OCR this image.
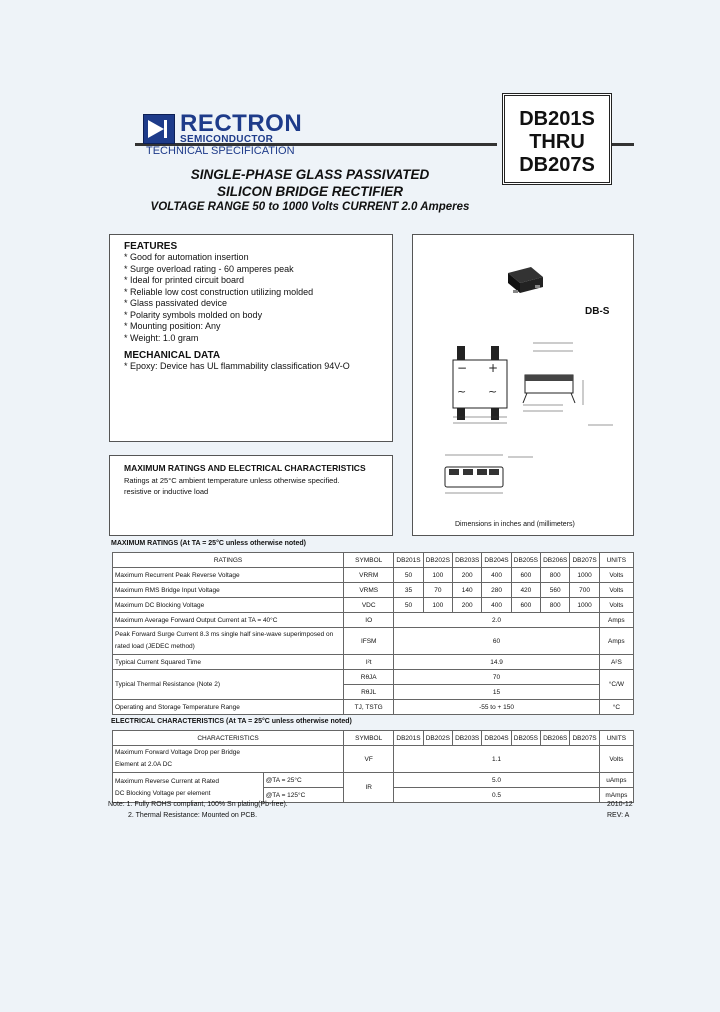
RECTRON
SEMICONDUCTOR
TECHNICAL SPECIFICATION
DB201S
THRU
DB207S
SINGLE-PHASE GLASS PASSIVATED
SILICON BRIDGE RECTIFIER
VOLTAGE RANGE 50 to 1000 Volts CURRENT 2.0 Amperes
FEATURES
* Good for automation insertion
* Surge overload rating - 60 amperes peak
* Ideal for printed circuit board
* Reliable low cost construction utilizing molded
* Glass passivated device
* Polarity symbols molded on body
* Mounting position: Any
* Weight: 1.0 gram
MECHANICAL DATA
* Epoxy: Device has UL flammability classification 94V-O	− +
~ ~
DB-S
Dimensions in inches and (millimeters)
MAXIMUM RATINGS AND ELECTRICAL CHARACTERISTICS
Ratings at 25°C ambient temperature unless otherwise specified.
resistive or inductive load
MAXIMUM RATINGS (At TA = 25°C unless otherwise noted)
RATINGS	SYMBOL	DB201S	DB202S	DB203S	DB204S	DB205S	DB206S	DB207S	UNITS
Maximum Recurrent Peak Reverse Voltage	VRRM	50	100	200	400	600	800	1000	Volts
Maximum RMS Bridge Input Voltage	VRMS	35	70	140	280	420	560	700	Volts
Maximum DC Blocking Voltage	VDC	50	100	200	400	600	800	1000	Volts
Maximum Average Forward Output Current at TA = 40°C	IO	2.0							Amps
Peak Forward Surge Current 8.3 ms single half sine-wave superimposed on rated load (JEDEC method)	IFSM	60							Amps
Typical Current Squared Time	I²t	14.9							A²S
Typical Thermal Resistance (Note 2)	RθJA	70							°C/W
	RθJL	15							
Operating and Storage Temperature Range	TJ, TSTG	-55 to + 150							°C
ELECTRICAL CHARACTERISTICS (At TA = 25°C unless otherwise noted)
CHARACTERISTICS		SYMBOL	DB201S	DB202S	DB203S	DB204S	DB205S	DB206S	DB207S	UNITS

Maximum Forward Voltage Drop per Bridge
Element at 2.0A DC		VF	1.1							Volts

Maximum Reverse Current at Rated
DC Blocking Voltage per element	@TA = 25°C	IR	5.0							uAmps
	@TA = 125°C		0.5							mAmps
Note: 1. Fully ROHS compliant, 100% Sn plating(Pb-free).
2. Thermal Resistance: Mounted on PCB.
2010-12
REV: A
